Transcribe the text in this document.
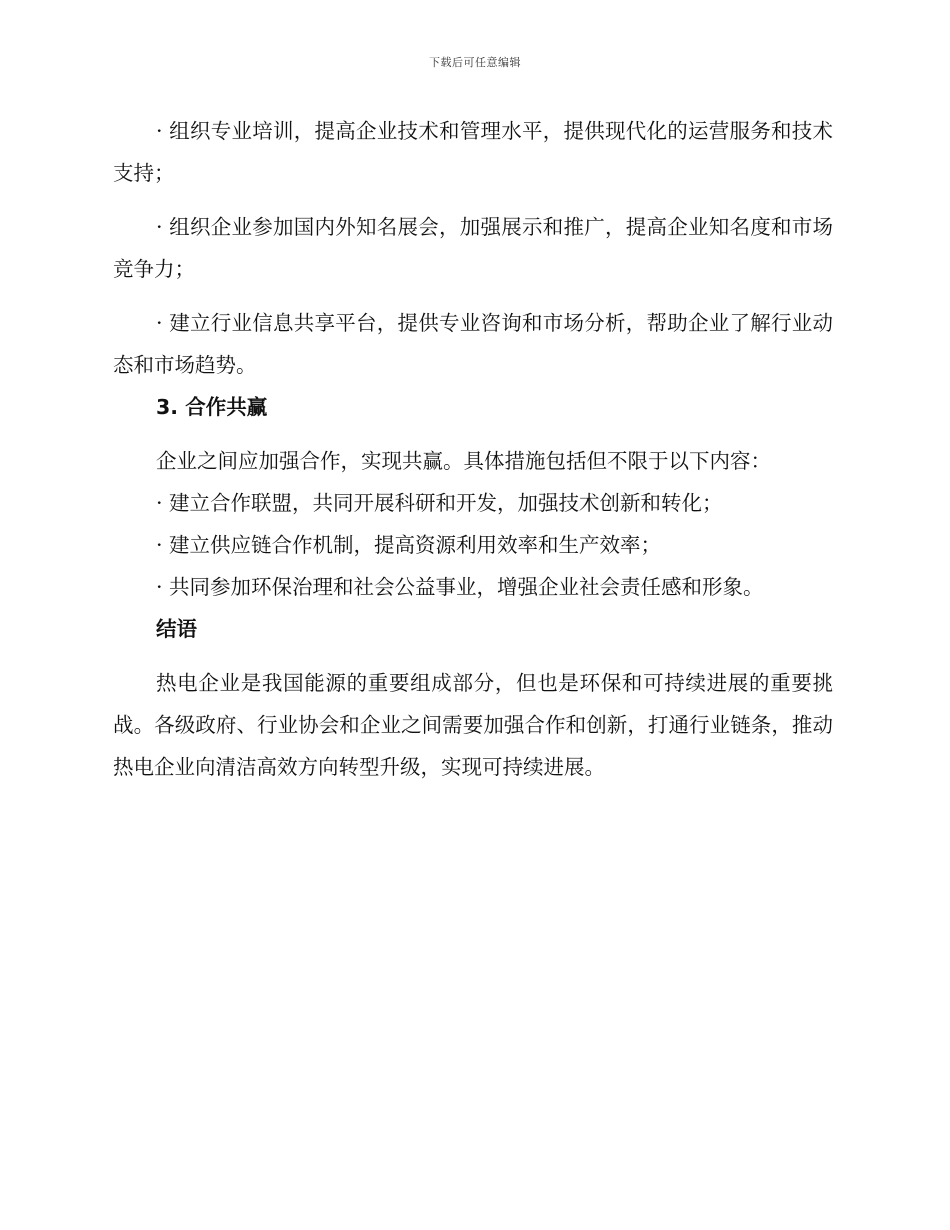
下载后可任意编辑

· 组织专业培训，提高企业技术和管理水平，提供现代化的运营服务和技术支持；

· 组织企业参加国内外知名展会，加强展示和推广，提高企业知名度和市场竞争力；

· 建立行业信息共享平台，提供专业咨询和市场分析，帮助企业了解行业动态和市场趋势。

3. 合作共赢

企业之间应加强合作，实现共赢。具体措施包括但不限于以下内容：

· 建立合作联盟，共同开展科研和开发，加强技术创新和转化；

· 建立供应链合作机制，提高资源利用效率和生产效率；

· 共同参加环保治理和社会公益事业，增强企业社会责任感和形象。

结语

热电企业是我国能源的重要组成部分，但也是环保和可持续进展的重要挑战。各级政府、行业协会和企业之间需要加强合作和创新，打通行业链条，推动热电企业向清洁高效方向转型升级，实现可持续进展。
